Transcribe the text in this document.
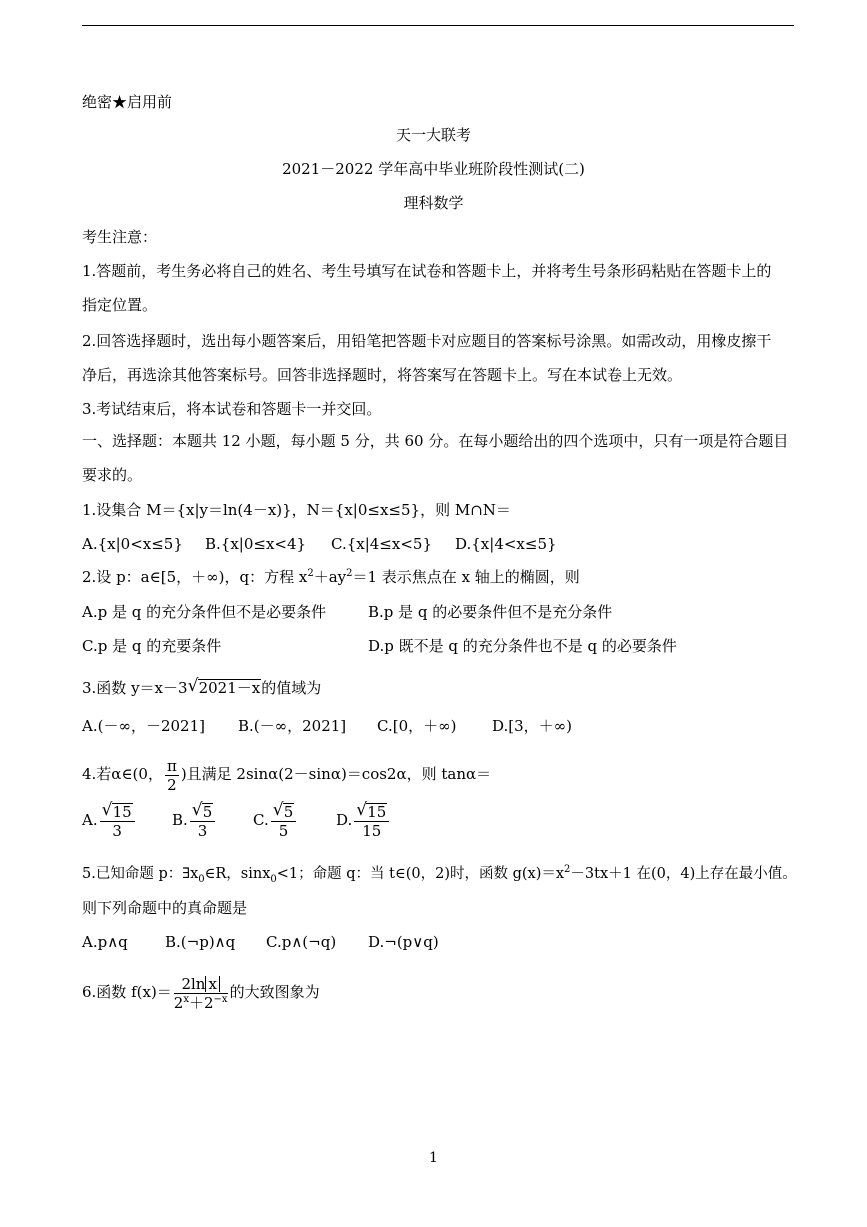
绝密★启用前
天一大联考
2021－2022 学年高中毕业班阶段性测试(二)
理科数学
考生注意：
1.答题前，考生务必将自己的姓名、考生号填写在试卷和答题卡上，并将考生号条形码粘贴在答题卡上的
指定位置。
2.回答选择题时，选出每小题答案后，用铅笔把答题卡对应题目的答案标号涂黑。如需改动，用橡皮擦干
净后，再选涂其他答案标号。回答非选择题时，将答案写在答题卡上。写在本试卷上无效。
3.考试结束后，将本试卷和答题卡一并交回。
一、选择题：本题共 12 小题，每小题 5 分，共 60 分。在每小题给出的四个选项中，只有一项是符合题目
要求的。
1.设集合 M＝{x|y＝ln(4－x)}，N＝{x|0≤x≤5}，则 M∩N＝
A.{x|0<x≤5} B.{x|0≤x<4} C.{x|4≤x<5} D.{x|4<x≤5}
2.设 p：a∈[5，＋∞)，q：方程 $x^2+ay^2=1$ 表示焦点在 x 轴上的椭圆，则
A.p 是 q 的充分条件但不是必要条件	B.p 是 q 的必要条件但不是充分条件
C.p 是 q 的充要条件	D.p 既不是 q 的充分条件也不是 q 的必要条件
3.函数 y＝x－3 √ 2021－x的值域为
A.(－∞，－2021] B.(－∞，2021] C.[0，＋∞) D.[3，＋∞)
4.若α∈(0， $\frac{\pi}{2}$ )且满足 2sinα(2－sinα)＝cos2α，则 tanα＝
A. $\frac{√ 15}{3} B$. $\frac{√ 5}{3}$	C. $\frac{√ 5}{5}$	D. $\frac{√ 15}{15}$
5.已知命题 p：$\exists x_0\in R$，sinx$_0$<1；命题 q：当 t∈(0，2)时，函数 $g(x)=x^2-3tx+1$ 在(0，4)上存在最小值。
则下列命题中的真命题是
A.p∧q B.(¬p)∧q C.p∧(¬q) D.¬(p∨q)
6.函数 $f(x)= \frac{\text{2ln x}}{2^x+2^{-x}}$ 的大致图象为
1
